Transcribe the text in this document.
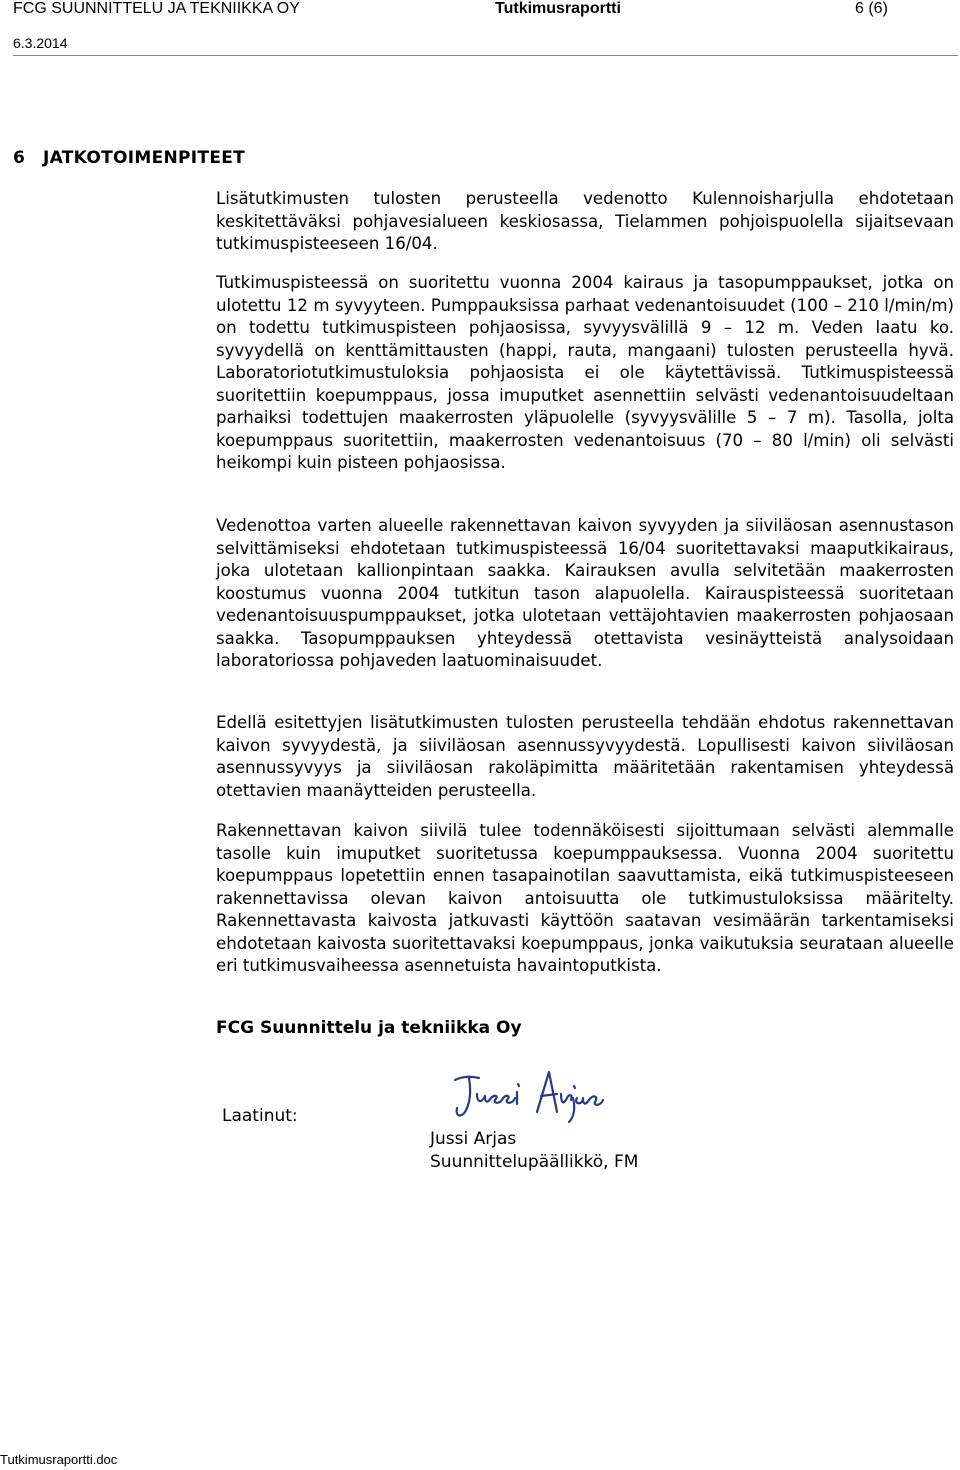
FCG SUUNNITTELU JA TEKNIIKKA OY	Tutkimusraportti	6 (6)
6.3.2014
6 JATKOTOIMENPITEET

Lisätutkimusten tulosten perusteella vedenotto Kulennoisharjulla ehdotetaan keskitettäväksi pohjavesialueen keskiosassa, Tielammen pohjoispuolella sijaitsevaan tutkimuspisteeseen 16/04.

Tutkimuspisteessä on suoritettu vuonna 2004 kairaus ja tasopumppaukset, jotka on ulotettu 12 m syvyyteen. Pumppauksissa parhaat vedenantoisuudet (100 – 210 l/min/m) on todettu tutkimuspisteen pohjaosissa, syvyysvälillä 9 – 12 m. Veden laatu ko. syvyydellä on kenttämittausten (happi, rauta, mangaani) tulosten perusteella hyvä. Laboratoriotutkimustuloksia pohjaosista ei ole käytettävissä. Tutkimuspisteessä suoritettiin koepumppaus, jossa imuputket asennettiin selvästi vedenantoisuudeltaan parhaiksi todettujen maakerrosten yläpuolelle (syvyysvälille 5 – 7 m). Tasolla, jolta koepumppaus suoritettiin, maakerrosten vedenantoisuus (70 – 80 l/min) oli selvästi heikompi kuin pisteen pohjaosissa.

Vedenottoa varten alueelle rakennettavan kaivon syvyyden ja siiviläosan asennustason selvittämiseksi ehdotetaan tutkimuspisteessä 16/04 suoritettavaksi maaputkikairaus, joka ulotetaan kallionpintaan saakka. Kairauksen avulla selvitetään maakerrosten koostumus vuonna 2004 tutkitun tason alapuolella. Kairauspisteessä suoritetaan vedenantoisuuspumppaukset, jotka ulotetaan vettäjohtavien maakerrosten pohjaosaan saakka. Tasopumppauksen yhteydessä otettavista vesinäytteistä analysoidaan laboratoriossa pohjaveden laatuominaisuudet.

Edellä esitettyjen lisätutkimusten tulosten perusteella tehdään ehdotus rakennettavan kaivon syvyydestä, ja siiviläosan asennussyvyydestä. Lopullisesti kaivon siiviläosan asennussyvyys ja siiviläosan rakoläpimitta määritetään rakentamisen yhteydessä otettavien maanäytteiden perusteella.

Rakennettavan kaivon siivilä tulee todennäköisesti sijoittumaan selvästi alemmalle tasolle kuin imuputket suoritetussa koepumppauksessa. Vuonna 2004 suoritettu koepumppaus lopetettiin ennen tasapainotilan saavuttamista, eikä tutkimuspisteeseen rakennettavissa olevan kaivon antoisuutta ole tutkimustuloksissa määritelty. Rakennettavasta kaivosta jatkuvasti käyttöön saatavan vesimäärän tarkentamiseksi ehdotetaan kaivosta suoritettavaksi koepumppaus, jonka vaikutuksia seurataan alueelle eri tutkimusvaiheessa asennetuista havaintoputkista.

FCG Suunnittelu ja tekniikka Oy
Laatinut:
Jussi Arjas
Suunnittelupäällikkö, FM
Tutkimusraportti.doc
